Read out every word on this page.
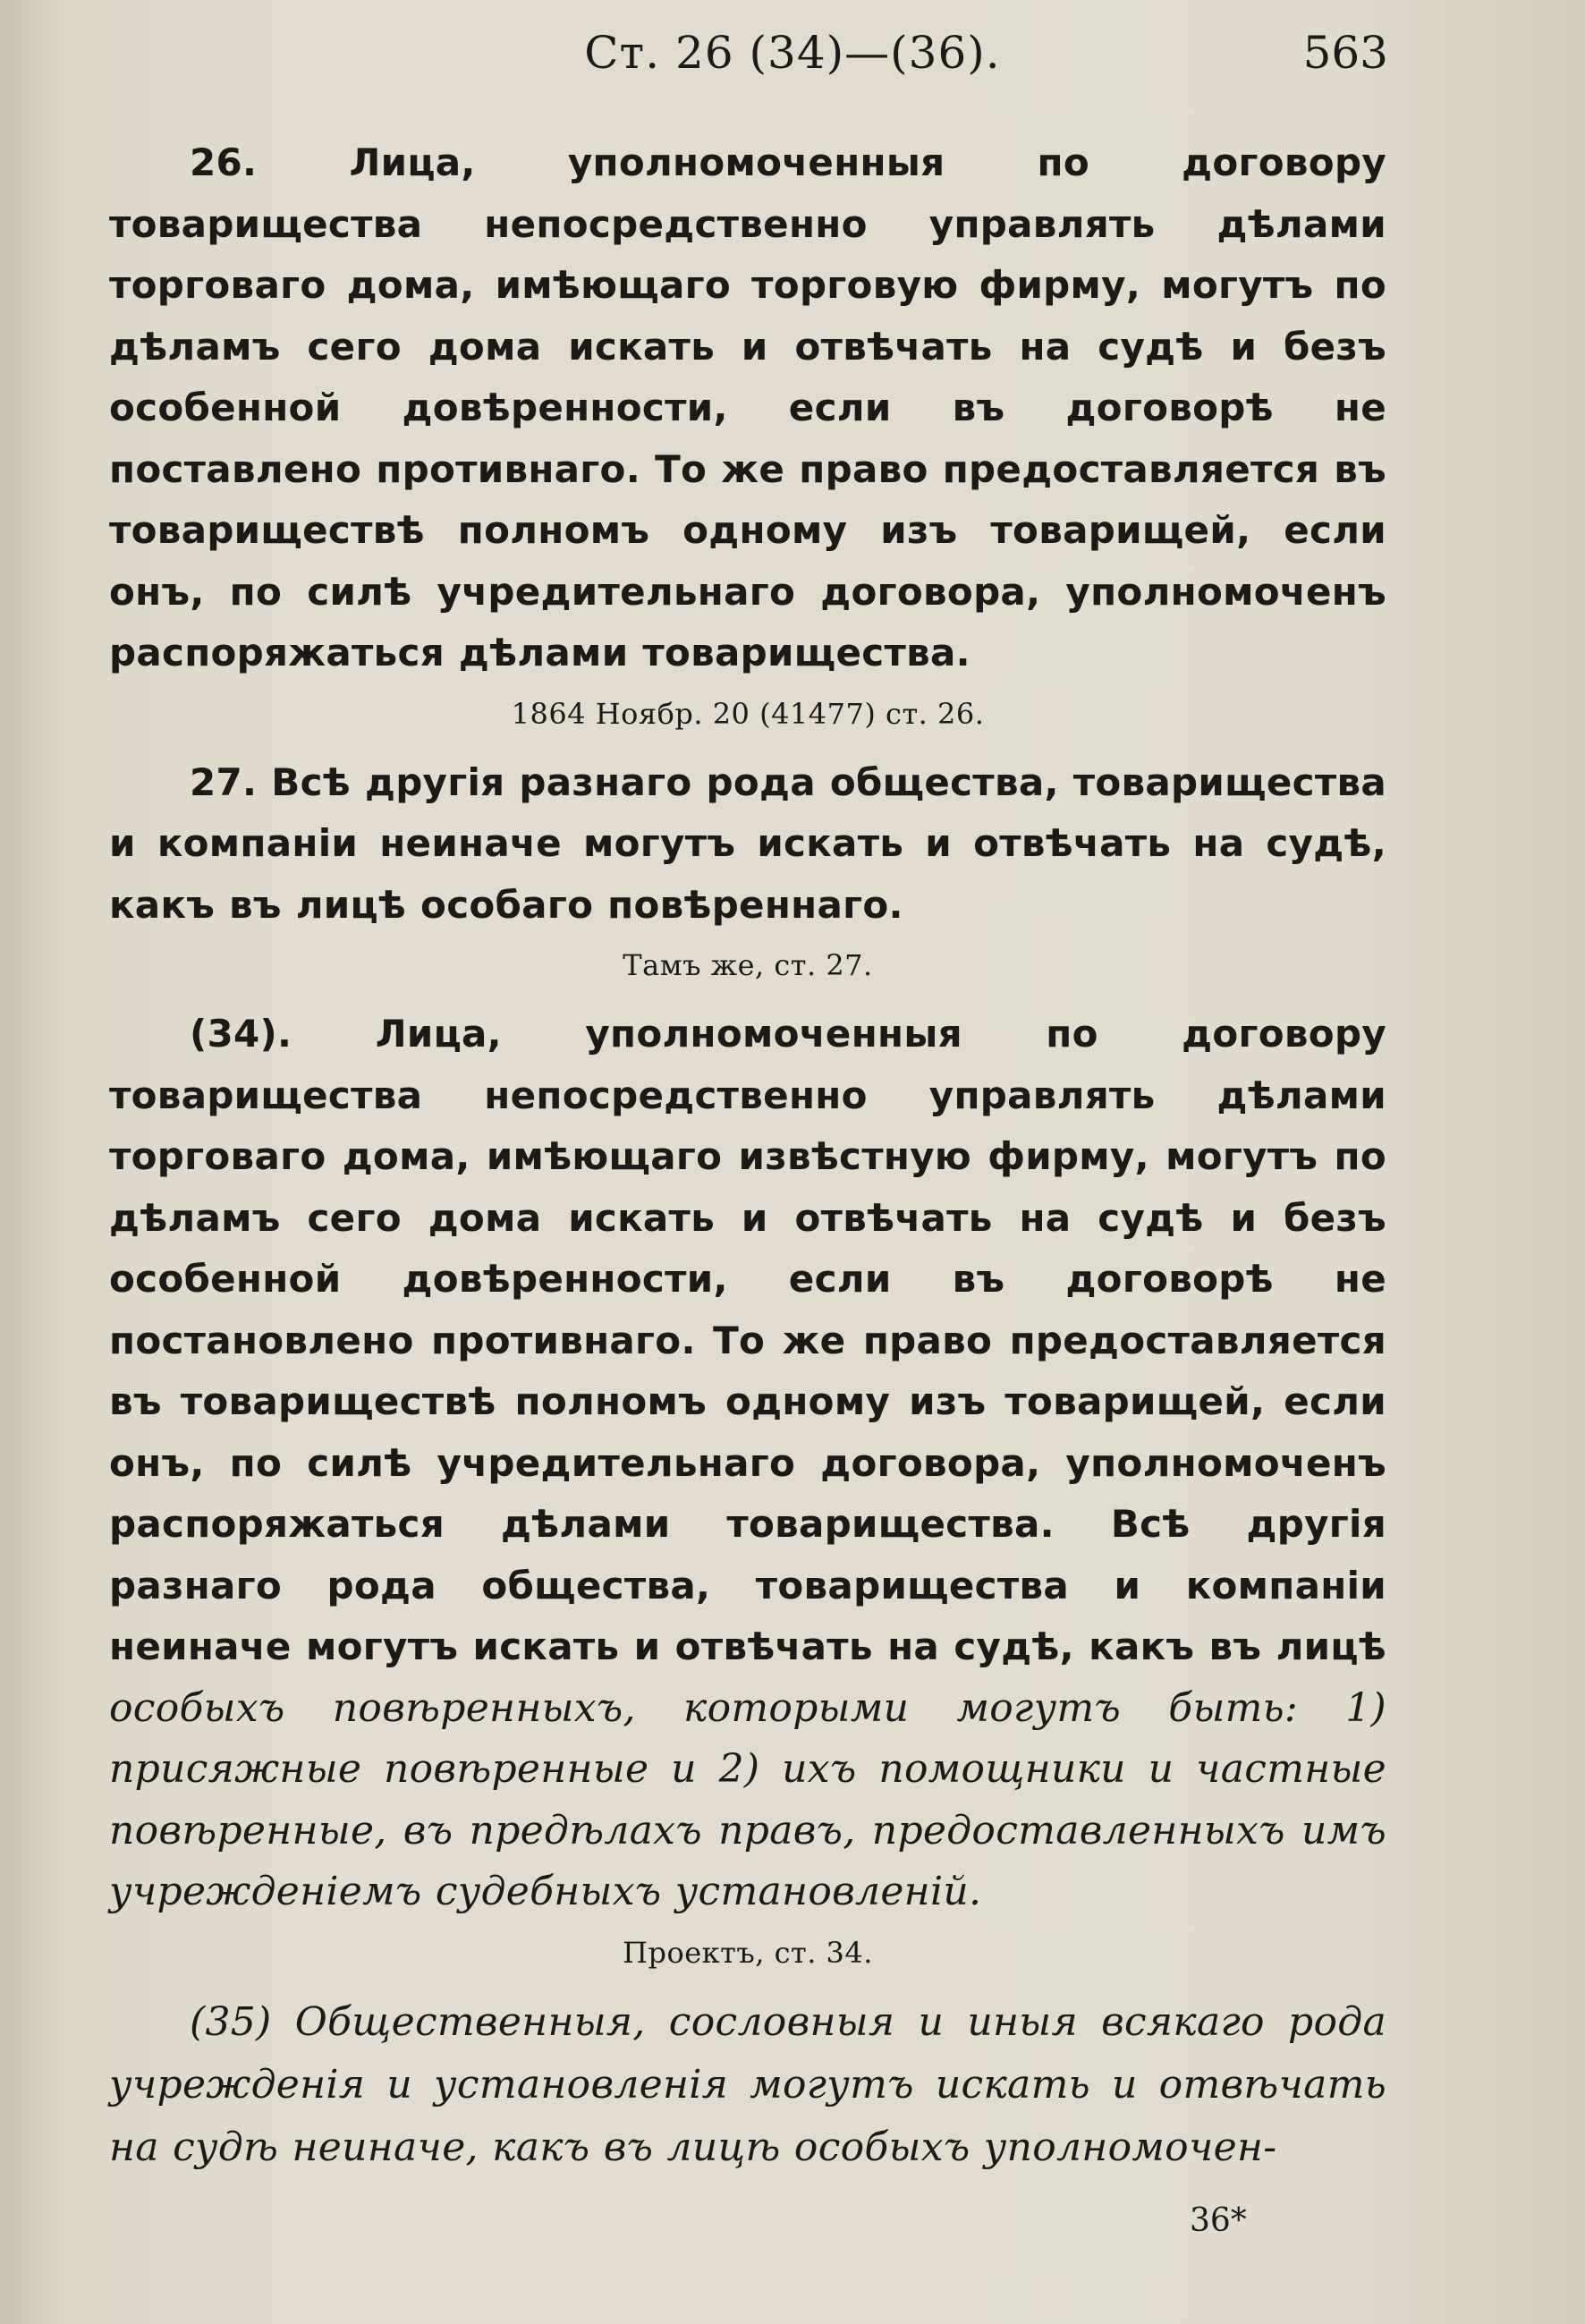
Ст. 26 (34)—(36).	563

26. Лица, уполномоченныя по договору товарищества непосредственно управлять дѣлами торговаго дома, имѣющаго торговую фирму, могутъ по дѣламъ сего дома искать и отвѣчать на судѣ и безъ особенной довѣренности, если въ договорѣ не поставлено противнаго. То же право предоставляется въ товариществѣ полномъ одному изъ товарищей, если онъ, по силѣ учредительнаго договора, уполномоченъ распоряжаться дѣлами товарищества.

1864 Ноябр. 20 (41477) ст. 26.

27. Всѣ другія разнаго рода общества, товарищества и компаніи неиначе могутъ искать и отвѣчать на судѣ, какъ въ лицѣ особаго повѣреннаго.

Тамъ же, ст. 27.

(34). Лица, уполномоченныя по договору товарищества непосредственно управлять дѣлами торговаго дома, имѣющаго извѣстную фирму, могутъ по дѣламъ сего дома искать и отвѣчать на судѣ и безъ особенной довѣренности, если въ договорѣ не постановлено противнаго. То же право предоставляется въ товариществѣ полномъ одному изъ товарищей, если онъ, по силѣ учредительнаго договора, уполномоченъ распоряжаться дѣлами товарищества. Всѣ другія разнаго рода общества, товарищества и компаніи неиначе могутъ искать и отвѣчать на судѣ, какъ въ лицѣ особыхъ повѣренныхъ, которыми могутъ быть: 1) присяжные повѣренные и 2) ихъ помощники и частные повѣренные, въ предѣлахъ правъ, предоставленныхъ имъ учрежденіемъ судебныхъ установленій.

Проектъ, ст. 34.

(35) Общественныя, сословныя и иныя всякаго рода учрежденія и установленія могутъ искать и отвѣчать на судѣ неиначе, какъ въ лицѣ особыхъ уполномочен-

36*
